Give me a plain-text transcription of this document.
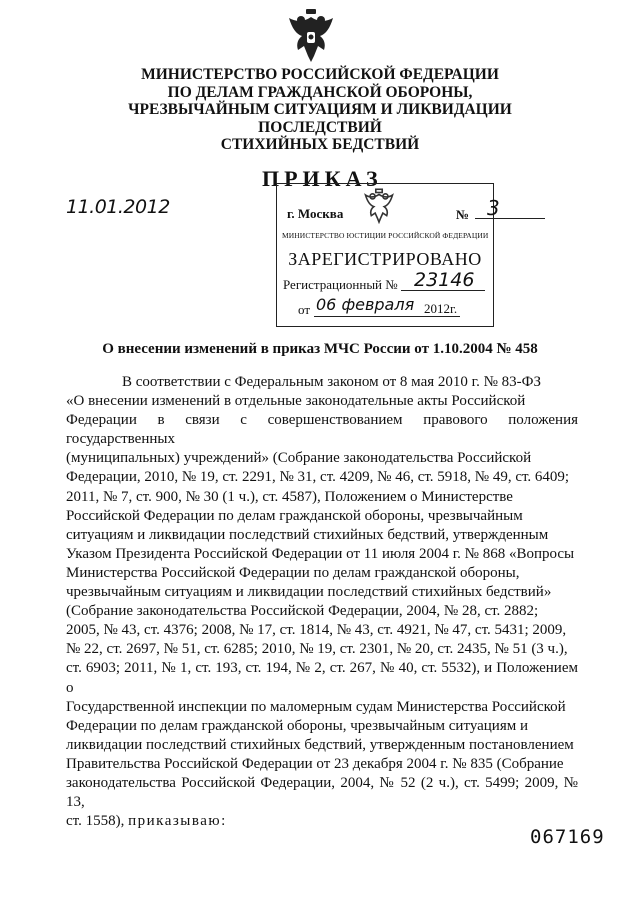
МИНИСТЕРСТВО РОССИЙСКОЙ ФЕДЕРАЦИИ
ПО ДЕЛАМ ГРАЖДАНСКОЙ ОБОРОНЫ,
ЧРЕЗВЫЧАЙНЫМ СИТУАЦИЯМ И ЛИКВИДАЦИИ ПОСЛЕДСТВИЙ
СТИХИЙНЫХ БЕДСТВИЙ
ПРИКАЗ
11.01.2012	г. Москва	№ 3
МИНИСТЕРСТВО ЮСТИЦИИ РОССИЙСКОЙ ФЕДЕРАЦИИ
ЗАРЕГИСТРИРОВАНО
Регистрационный № 23146
от 06 февраля 2012г.
О внесении изменений в приказ МЧС России от 1.10.2004 № 458
В соответствии с Федеральным законом от 8 мая 2010 г. № 83-ФЗ
«О внесении изменений в отдельные законодательные акты Российской
Федерации в связи с совершенствованием правового положения государственных
(муниципальных) учреждений» (Собрание законодательства Российской
Федерации, 2010, № 19, ст. 2291, № 31, ст. 4209, № 46, ст. 5918, № 49, ст. 6409;
2011, № 7, ст. 900, № 30 (1 ч.), ст. 4587), Положением о Министерстве
Российской Федерации по делам гражданской обороны, чрезвычайным
ситуациям и ликвидации последствий стихийных бедствий, утвержденным
Указом Президента Российской Федерации от 11 июля 2004 г. № 868 «Вопросы
Министерства Российской Федерации по делам гражданской обороны,
чрезвычайным ситуациям и ликвидации последствий стихийных бедствий»
(Собрание законодательства Российской Федерации, 2004, № 28, ст. 2882;
2005, № 43, ст. 4376; 2008, № 17, ст. 1814, № 43, ст. 4921, № 47, ст. 5431; 2009,
№ 22, ст. 2697, № 51, ст. 6285; 2010, № 19, ст. 2301, № 20, ст. 2435, № 51 (3 ч.),
ст. 6903; 2011, № 1, ст. 193, ст. 194, № 2, ст. 267, № 40, ст. 5532), и Положением о
Государственной инспекции по маломерным судам Министерства Российской
Федерации по делам гражданской обороны, чрезвычайным ситуациям и
ликвидации последствий стихийных бедствий, утвержденным постановлением
Правительства Российской Федерации от 23 декабря 2004 г. № 835 (Собрание
законодательства Российской Федерации, 2004, № 52 (2 ч.), ст. 5499; 2009, № 13,
ст. 1558), приказываю:
067169
